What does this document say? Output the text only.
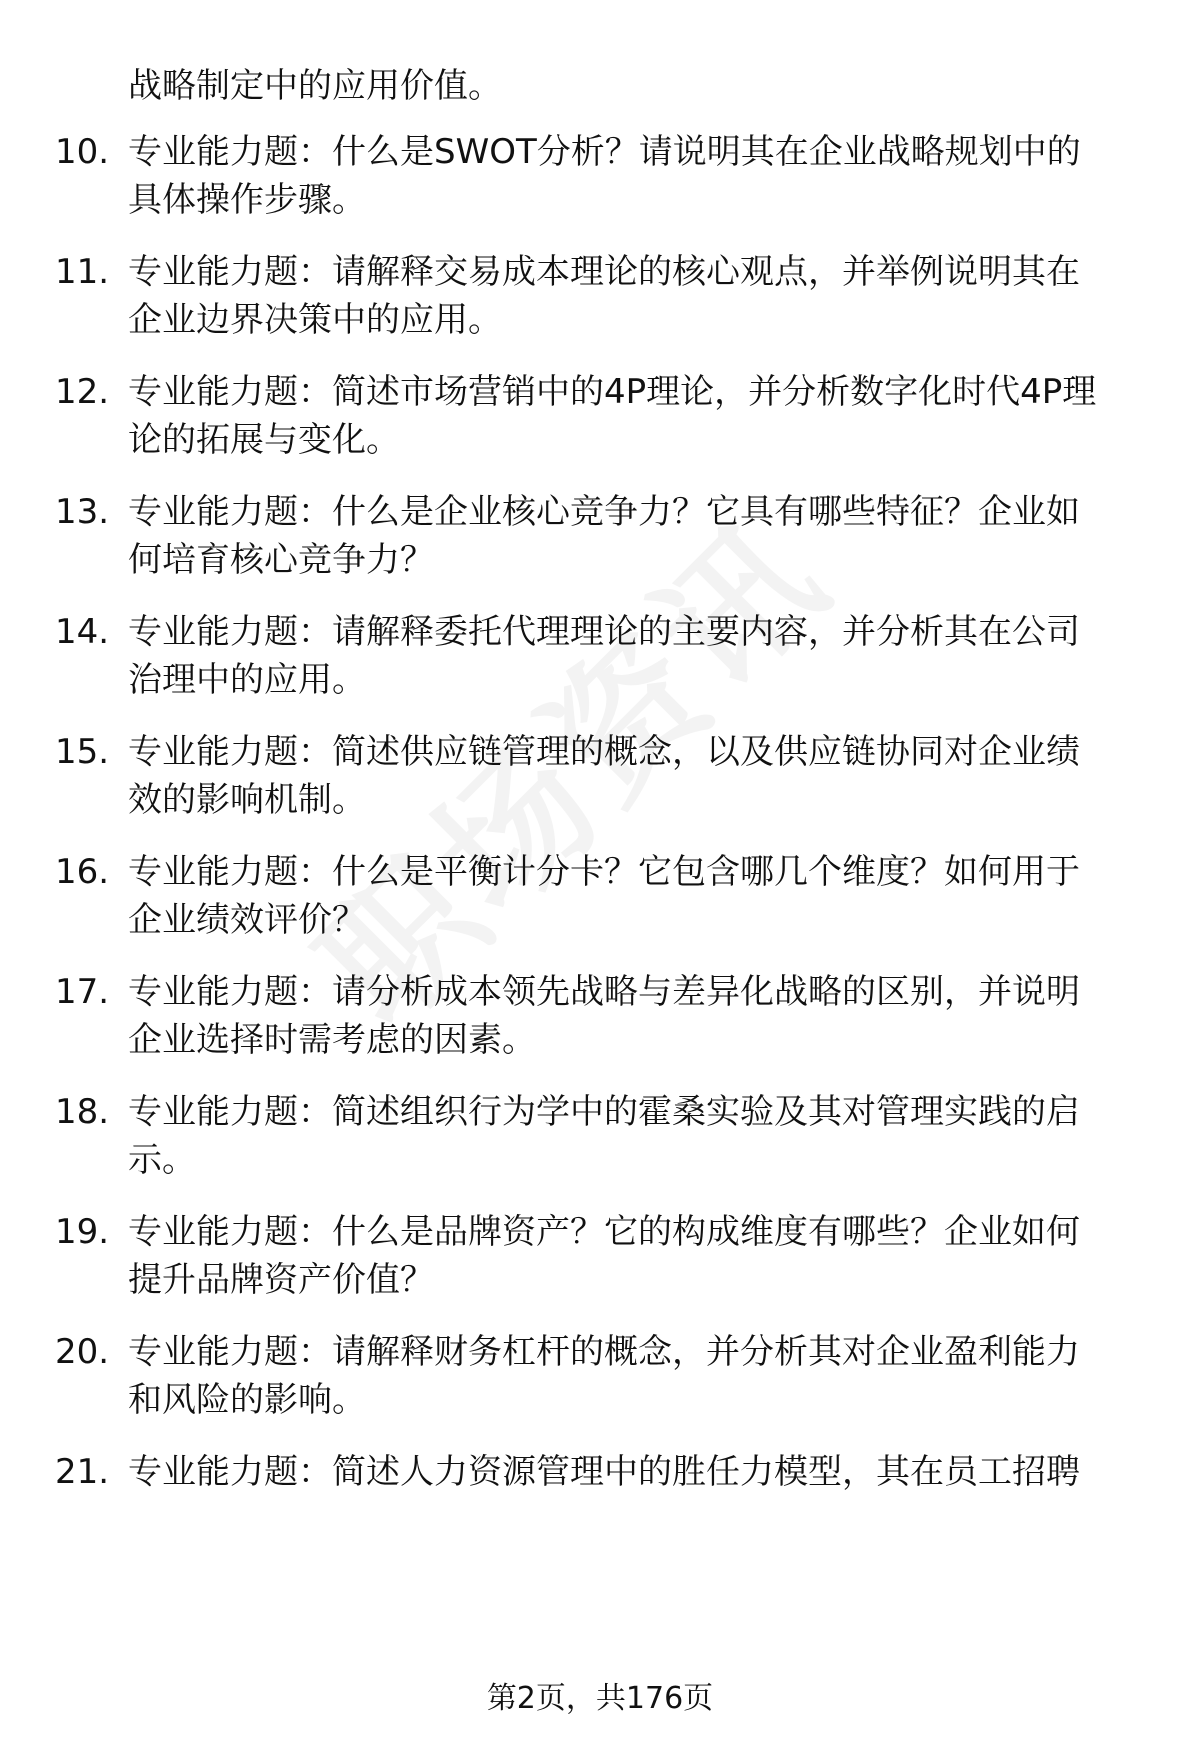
战略制定中的应用价值。
10. 专业能力题：什么是SWOT分析？请说明其在企业战略规划中的
具体操作步骤。
11. 专业能力题：请解释交易成本理论的核心观点，并举例说明其在
企业边界决策中的应用。
12. 专业能力题：简述市场营销中的4P理论，并分析数字化时代4P理
论的拓展与变化。
13. 专业能力题：什么是企业核心竞争力？它具有哪些特征？企业如
何培育核心竞争力？
14. 专业能力题：请解释委托代理理论的主要内容，并分析其在公司
治理中的应用。
15. 专业能力题：简述供应链管理的概念，以及供应链协同对企业绩
效的影响机制。
16. 专业能力题：什么是平衡计分卡？它包含哪几个维度？如何用于
企业绩效评价？
17. 专业能力题：请分析成本领先战略与差异化战略的区别，并说明
企业选择时需考虑的因素。
18. 专业能力题：简述组织行为学中的霍桑实验及其对管理实践的启
示。
19. 专业能力题：什么是品牌资产？它的构成维度有哪些？企业如何
提升品牌资产价值？
20. 专业能力题：请解释财务杠杆的概念，并分析其对企业盈利能力
和风险的影响。
21. 专业能力题：简述人力资源管理中的胜任力模型，其在员工招聘
第2页，共176页
